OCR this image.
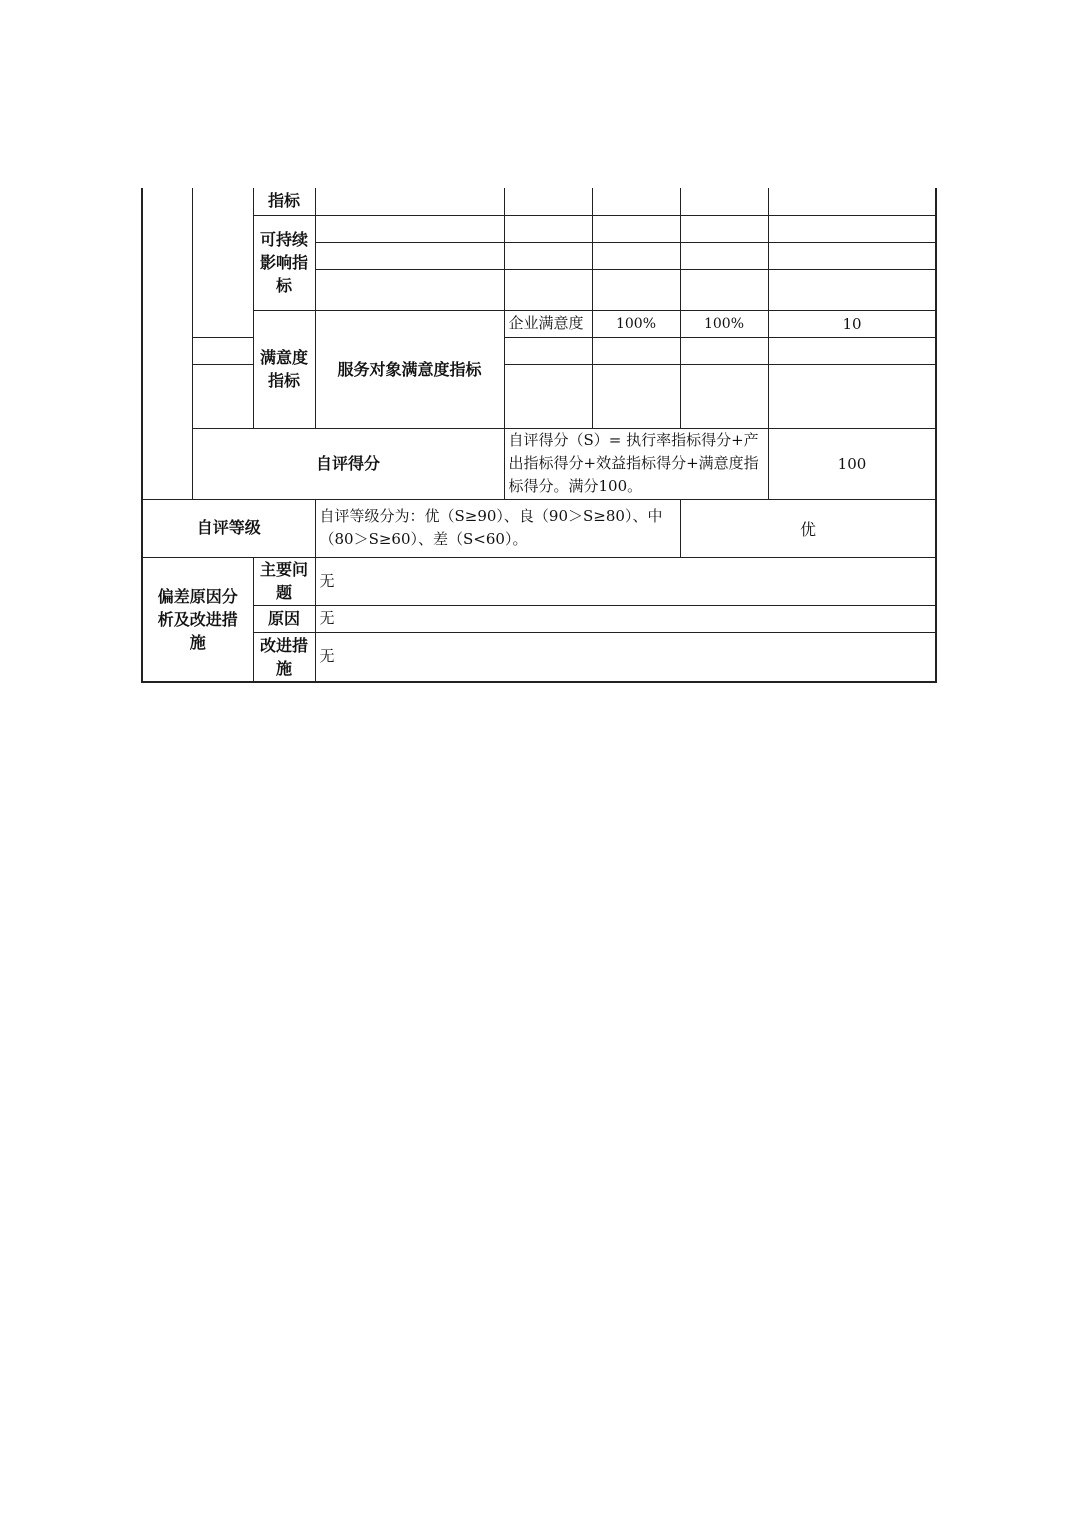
		指标						
		可持续影响指标						

		满意度指标	服务对象满意度指标	企业满意度	100%	100%	10	

	自评得分			自评得分（S）= 执行率指标得分+产出指标得分+效益指标得分+满意度指标得分。满分100。			100	
自评等级			自评等级分为：优（S≥90）、良（90＞S≥80）、中（80＞S≥60）、差（S<60）。			优		
偏差原因分析及改进措施		主要问题	无					
		原因	无					
		改进措施	无					
